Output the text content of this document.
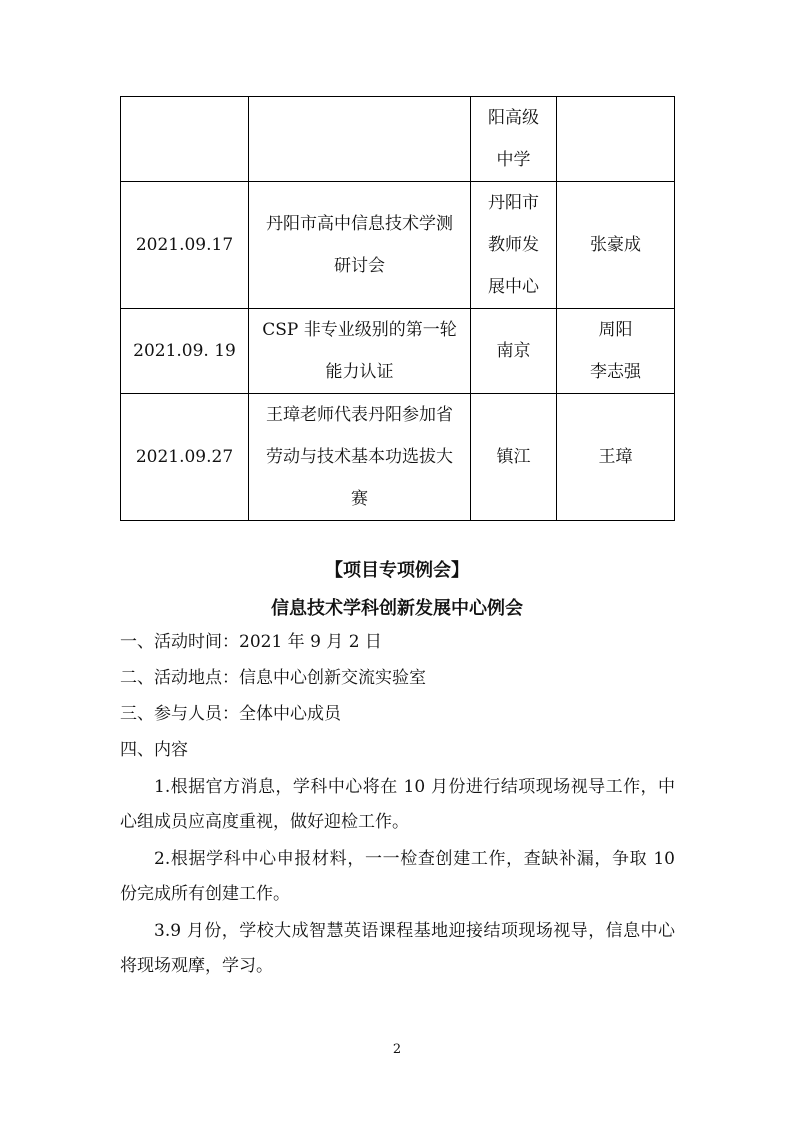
		阳高级
中学	
2021.09.17	丹阳市高中信息技术学测
研讨会	丹阳市
教师发
展中心	张豪成
2021.09. 19	CSP 非专业级别的第一轮
能力认证	南京	周阳
李志强
2021.09.27	王璋老师代表丹阳参加省
劳动与技术基本功选拔大
赛	镇江	王璋
【项目专项例会】
信息技术学科创新发展中心例会
一、活动时间：2021 年 9 月 2 日
二、活动地点：信息中心创新交流实验室
三、参与人员：全体中心成员
四、内容
1.根据官方消息，学科中心将在 10 月份进行结项现场视导工作，中心组成员应高度重视，做好迎检工作。
2.根据学科中心申报材料，一一检查创建工作，查缺补漏，争取 10 份完成所有创建工作。
3.9 月份，学校大成智慧英语课程基地迎接结项现场视导，信息中心将现场观摩，学习。
2
